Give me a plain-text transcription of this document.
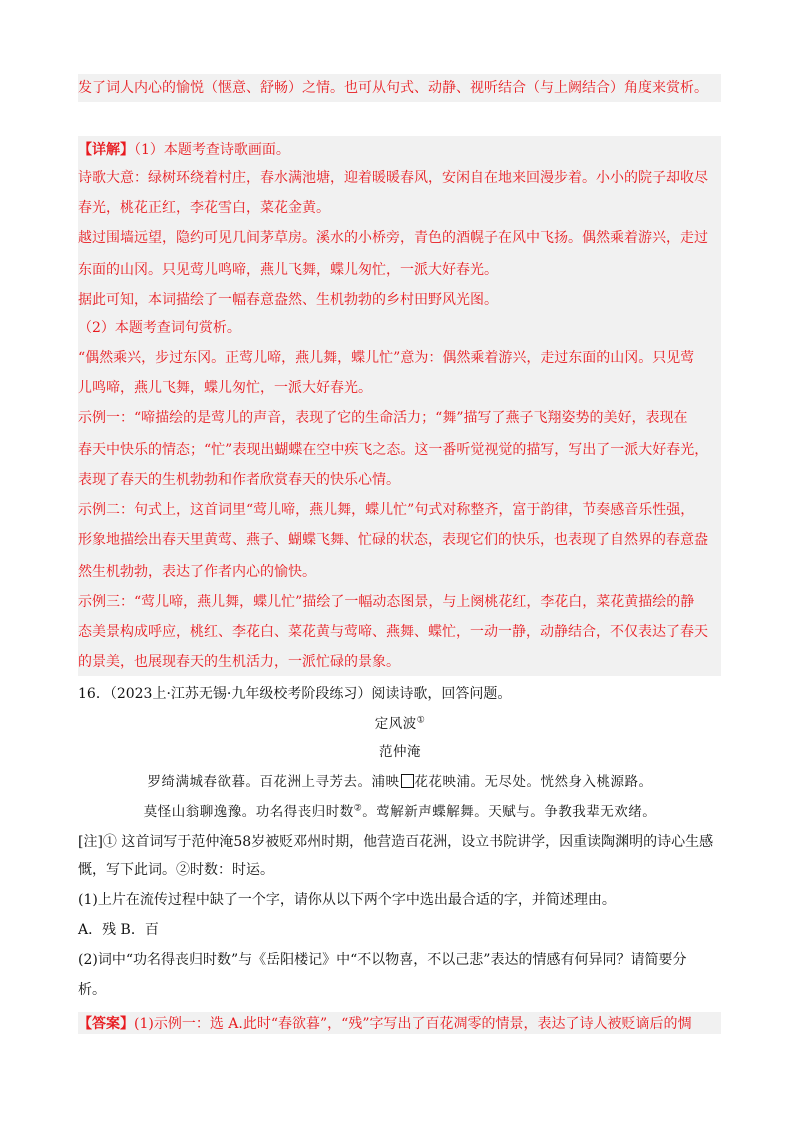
发了词人内心的愉悦（惬意、舒畅）之情。也可从句式、动静、视听结合（与上阙结合）角度来赏析。
【详解】（1）本题考查诗歌画面。
诗歌大意：绿树环绕着村庄，春水满池塘，迎着暖暖春风，安闲自在地来回漫步着。小小的院子却收尽
春光，桃花正红，李花雪白，菜花金黄。
越过围墙远望，隐约可见几间茅草房。溪水的小桥旁，青色的酒幌子在风中飞扬。偶然乘着游兴，走过
东面的山冈。只见莺儿鸣啼，燕儿飞舞，蝶儿匆忙，一派大好春光。
据此可知，本词描绘了一幅春意盎然、生机勃勃的乡村田野风光图。
（2）本题考查词句赏析。
“偶然乘兴，步过东冈。正莺儿啼，燕儿舞，蝶儿忙”意为：偶然乘着游兴，走过东面的山冈。只见莺
儿鸣啼，燕儿飞舞，蝶儿匆忙，一派大好春光。
示例一：“啼描绘的是莺儿的声音，表现了它的生命活力；“舞”描写了燕子飞翔姿势的美好，表现在
春天中快乐的情态；“忙”表现出蝴蝶在空中疾飞之态。这一番听觉视觉的描写，写出了一派大好春光，
表现了春天的生机勃勃和作者欣赏春天的快乐心情。
示例二：句式上，这首词里“莺儿啼，燕儿舞，蝶儿忙”句式对称整齐，富于韵律，节奏感音乐性强，
形象地描绘出春天里黄莺、燕子、蝴蝶飞舞、忙碌的状态，表现它们的快乐，也表现了自然界的春意盎
然生机勃勃，表达了作者内心的愉快。
示例三：“莺儿啼，燕儿舞，蝶儿忙”描绘了一幅动态图景，与上阕桃花红，李花白，菜花黄描绘的静
态美景构成呼应，桃红、李花白、菜花黄与莺啼、燕舞、蝶忙，一动一静，动静结合，不仅表达了春天
的景美，也展现春天的生机活力，一派忙碌的景象。
16．（2023上·江苏无锡·九年级校考阶段练习）阅读诗歌，回答问题。
定风波①
范仲淹
罗绮满城春欲暮。百花洲上寻芳去。浦映 花花映浦。无尽处。恍然身入桃源路。
莫怪山翁聊逸豫。功名得丧归时数②。莺解新声蝶解舞。天赋与。争教我辈无欢绪。
[注]① 这首词写于范仲淹58岁被贬邓州时期，他营造百花洲，设立书院讲学，因重读陶渊明的诗心生感
慨，写下此词。②时数：时运。
(1)上片在流传过程中缺了一个字，请你从以下两个字中选出最合适的字，并简述理由。
A．残 B．百
(2)词中“功名得丧归时数”与《岳阳楼记》中“不以物喜，不以己悲”表达的情感有何异同？请简要分
析。
【答案】(1)示例一：选 A.此时“春欲暮”，“残”字写出了百花凋零的情景，表达了诗人被贬谪后的惆
